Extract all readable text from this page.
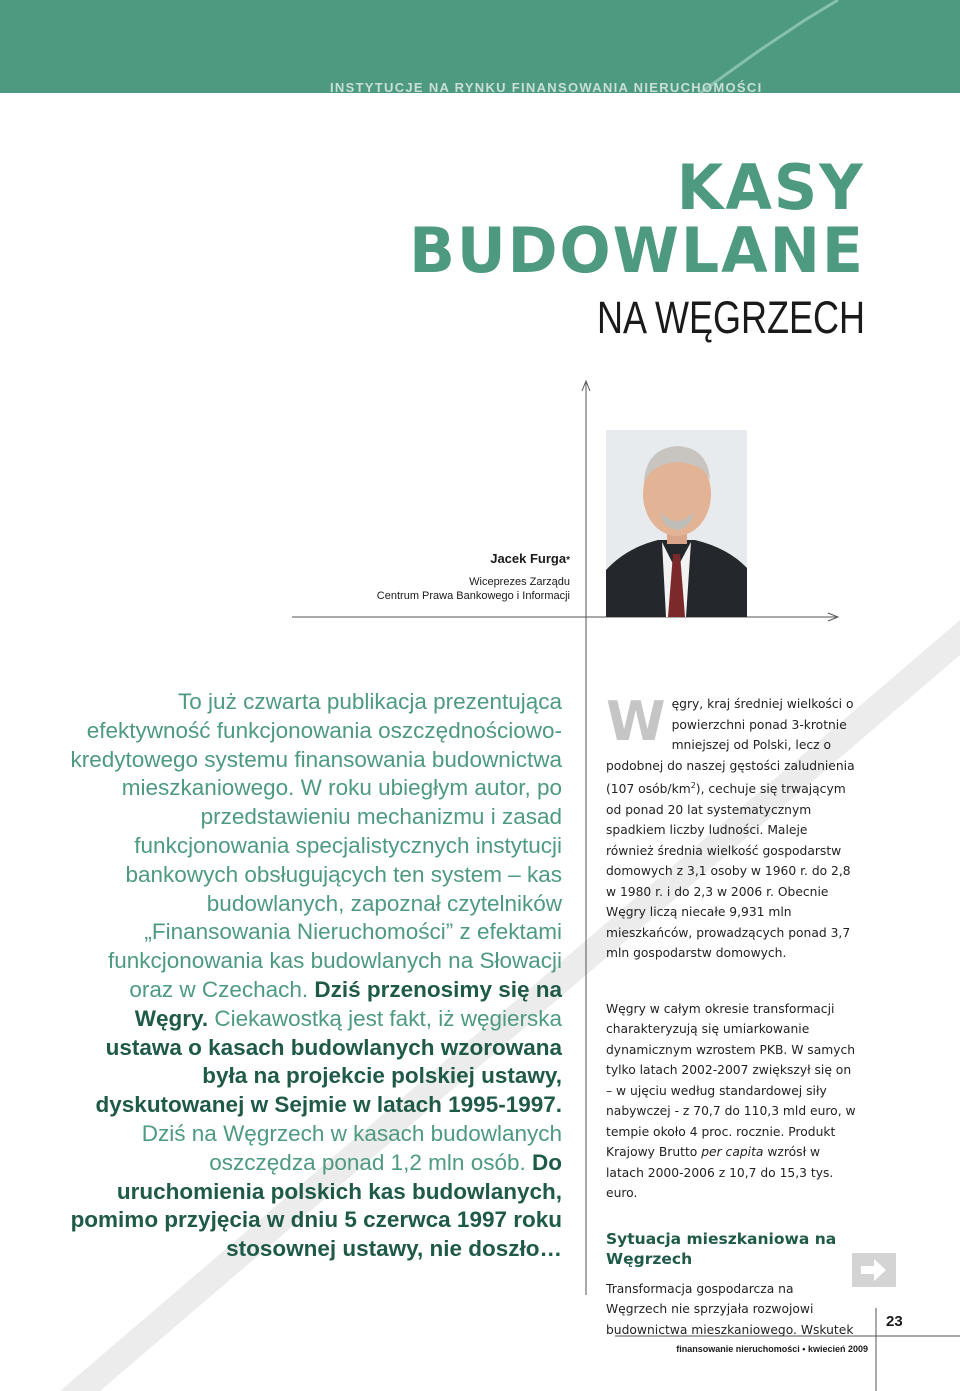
INSTYTUCJE NA RYNKU FINANSOWANIA NIERUCHOMOŚCI
KASY
BUDOWLANE
NA WĘGRZECH
Jacek Furga*
Wiceprezes Zarządu
Centrum Prawa Bankowego i Informacji
To już czwarta publikacja prezentująca efektywność funkcjonowania oszczędnościowo-kredytowego systemu finansowania budownictwa mieszkaniowego. W roku ubiegłym autor, po przedstawieniu mechanizmu i zasad funkcjonowania specjalistycznych instytucji bankowych obsługujących ten system – kas budowlanych, zapoznał czytelników „Finansowania Nieruchomości” z efektami funkcjonowania kas budowlanych na Słowacji oraz w Czechach. Dziś przenosimy się na Węgry. Ciekawostką jest fakt, iż węgierska ustawa o kasach budowlanych wzorowana była na projekcie polskiej ustawy, dyskutowanej w Sejmie w latach 1995-1997. Dziś na Węgrzech w kasach budowlanych oszczędza ponad 1,2 mln osób. Do uruchomienia polskich kas budowlanych, pomimo przyjęcia w dniu 5 czerwca 1997 roku stosownej ustawy, nie doszło…

Węgry, kraj średniej wielkości o powierzchni ponad 3-krotnie mniejszej od Polski, lecz o podobnej do naszej gęstości zaludnienia (107 osób/$km^2$), cechuje się trwającym od ponad 20 lat systematycznym spadkiem liczby ludności. Maleje również średnia wielkość gospodarstw domowych z 3,1 osoby w 1960 r. do 2,8 w 1980 r. i do 2,3 w 2006 r. Obecnie Węgry liczą niecałe 9,931 mln mieszkańców, prowadzących ponad 3,7 mln gospodarstw domowych.

Węgry w całym okresie transformacji charakteryzują się umiarkowanie dynamicznym wzrostem PKB. W samych tylko latach 2002-2007 zwiększył się on – w ujęciu według standardowej siły nabywczej - z 70,7 do 110,3 mld euro, w tempie około 4 proc. rocznie. Produkt Krajowy Brutto per capita wzrósł w latach 2000-2006 z 10,7 do 15,3 tys. euro.

Sytuacja mieszkaniowa na Węgrzech

Transformacja gospodarcza na Węgrzech nie sprzyjała rozwojowi budownictwa mieszkaniowego. Wskutek 23
finansowanie nieruchomości • kwiecień 2009
